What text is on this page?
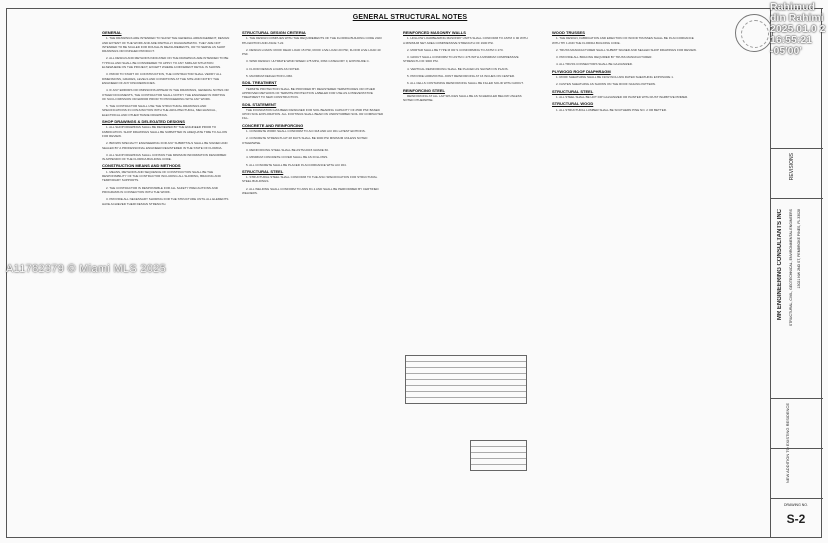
GENERAL STRUCTURAL NOTES
GENERAL

1. THE DRAWINGS ARE INTENDED TO SHOW THE GENERAL ARRANGEMENT, DESIGN AND EXTENT OF THE WORK AND ARE PARTIALLY DIAGRAMMATIC. THEY ARE NOT INTENDED TO BE SCALED FOR ROUGH-IN MEASUREMENTS, OR TO SERVE AS SHOP DRAWINGS OR FINISHED PRODUCT.

2. ALL DESIGN AND METHODS INDICATED ON THE DRAWINGS ARE INTENDED TO BE TYPICAL AND SHALL BE CONSIDERED TO APPLY TO ANY SIMILAR SITUATION ELSEWHERE ON THE PROJECT, EXCEPT WHERE A DIFFERENT DETAIL IS SHOWN.

3. PRIOR TO START OF CONSTRUCTION, THE CONTRACTOR SHALL VERIFY ALL DIMENSIONS, GRADES, LEVELS AND CONDITIONS AT THE SITE AND NOTIFY THE ENGINEER OF ANY DISCREPANCIES.

4. IF ANY ERRORS OR OMISSIONS APPEAR IN THE DRAWINGS, GENERAL NOTES OR OTHER DOCUMENTS, THE CONTRACTOR SHALL NOTIFY THE ENGINEER IN WRITING OF SUCH OMISSION OR ERROR PRIOR TO PROCEEDING WITH ANY WORK.

5. THE CONTRACTOR SHALL USE THE STRUCTURAL DRAWINGS AND SPECIFICATIONS IN CONJUNCTION WITH THE ARCHITECTURAL, MECHANICAL, ELECTRICAL AND OTHER TRADE DRAWINGS.

SHOP DRAWINGS & DELEGATED DESIGNS

1. ALL SHOP DRAWINGS SHALL BE REVIEWED BY THE ENGINEER PRIOR TO FABRICATION. SHOP DRAWINGS SHALL BE SUBMITTED IN ADEQUATE TIME TO ALLOW FOR REVIEW.

2. BROWN SPECIALTY ENGINEERING FOR ANY SUBMITTALS SHALL BE SIGNED AND SEALED BY A PROFESSIONAL ENGINEER REGISTERED IN THE STATE OF FLORIDA.

3. ALL SHOP DRAWINGS SHALL CONTAIN THE MINIMUM INFORMATION DESCRIBED IN APPENDIX OF THE FLORIDA BUILDING CODE.

CONSTRUCTION MEANS AND METHODS

1. MEANS, METHODS AND SEQUENCE OF CONSTRUCTION SHALL BE THE RESPONSIBILITY OF THE CONTRACTOR INCLUDING ALL SHORING, BRACING AND TEMPORARY SUPPORTS.

2. THE CONTRACTOR IS RESPONSIBLE FOR ALL SAFETY PRECAUTIONS AND PROGRAMS IN CONNECTION WITH THE WORK.

3. PROVIDE ALL NECESSARY SHORING FOR THE STRUCTURE UNTIL ALL ELEMENTS HAVE ACHIEVED THEIR DESIGN STRENGTH.

STRUCTURAL DESIGN CRITERIA

1. THE DESIGN COMPLIES WITH THE REQUIREMENTS OF THE FLORIDA BUILDING CODE 2023 8TH EDITION AND ASCE 7-22.

2. DESIGN LOADS: ROOF DEAD LOAD 15 PSF, ROOF LIVE LOAD 20 PSF, FLOOR LIVE LOAD 40 PSF.

3. WIND DESIGN: ULTIMATE WIND SPEED 175 MPH, RISK CATEGORY II, EXPOSURE C.

4. FLOOR DESIGN LOADS AS NOTED.

5. MAXIMUM DEFLECTION L/360.

SOIL TREATMENT

TERMITE PROTECTION SHALL BE PROVIDED BY REGISTERED TERMITICIDES OR OTHER APPROVED METHODS OF TERMITE PROTECTION LABELED FOR USE AS A PREVENTATIVE TREATMENT TO NEW CONSTRUCTION.

SOIL STATEMENT

THE FOUNDATION HAS BEEN DESIGNED FOR SOIL BEARING CAPACITY OF 2500 PSF BASED UPON SOIL EXPLORATION. ALL FOOTINGS SHALL BEAR ON UNDISTURBED SOIL OR COMPACTED FILL.

CONCRETE AND REINFORCING

1. CONCRETE WORK SHALL CONFORM TO ACI 318 AND ACI 301 LATEST EDITIONS.

2. CONCRETE STRENGTH AT 28 DAYS SHALL BE 3000 PSI MINIMUM UNLESS NOTED OTHERWISE.

3. REINFORCING STEEL SHALL BE ASTM A615 GRADE 60.

4. MINIMUM CONCRETE COVER SHALL BE AS FOLLOWS.

5. ALL CONCRETE SHALL BE PLACED IN ACCORDANCE WITH ACI 304.

STRUCTURAL STEEL

1. STRUCTURAL STEEL SHALL CONFORM TO THE AISC SPECIFICATION FOR STRUCTURAL STEEL BUILDINGS.

2. ALL WELDING SHALL CONFORM TO AWS D1.1 AND SHALL BE PERFORMED BY CERTIFIED WELDERS.

REINFORCED MASONRY WALLS

1. HOLLOW LOADBEARING MASONRY UNITS SHALL CONFORM TO ASTM C 90 WITH A MINIMUM NET AREA COMPRESSIVE STRENGTH OF 1900 PSI.

2. MORTAR SHALL BE TYPE M OR S CONFORMING TO ASTM C 270.

3. GROUT SHALL CONFORM TO ASTM C 476 WITH A MINIMUM COMPRESSIVE STRENGTH OF 3000 PSI.

4. VERTICAL REINFORCING SHALL BE PLACED AS SHOWN ON PLANS.

5. PROVIDE HORIZONTAL JOINT REINFORCING AT 16 INCHES ON CENTER.

6. ALL CELLS CONTAINING REINFORCING SHALL BE FILLED SOLID WITH GROUT.

REINFORCING STEEL

REINFORCING AT ALL LAP SPLICES SHALL BE AS SCHEDULED BELOW UNLESS NOTED OTHERWISE.

WOOD TRUSSES

1. THE DESIGN, FABRICATION AND ERECTION OF WOOD TRUSSES SHALL BE IN ACCORDANCE WITH TPI 1 AND THE FLORIDA BUILDING CODE.

2. TRUSS MANUFACTURER SHALL SUBMIT SIGNED AND SEALED SHOP DRAWINGS FOR REVIEW.

3. PROVIDE ALL BRACING REQUIRED BY TRUSS MANUFACTURER.

4. ALL TRUSS CONNECTORS SHALL BE GALVANIZED.

PLYWOOD ROOF DIAPHRAGM

1. ROOF SHEATHING SHALL BE 19/32 INCH APA RATED SHEATHING EXPOSURE 1.

2. FASTEN SHEATHING AS SHOWN ON THE ROOF NAILING PATTERN.

STRUCTURAL STEEL

1. ALL STEEL SHALL BE HOT DIP GALVANIZED OR PAINTED WITH RUST INHIBITIVE PRIMER.

STRUCTURAL WOOD

1. ALL STRUCTURAL LUMBER SHALL BE SOUTHERN PINE NO. 2 OR BETTER.

REVISIONS
MR ENGINEERING CONSULTANTS INC STRUCTURAL, CIVIL, GEOTECHNICAL, ENVIRONMENTAL ENGINEERS 13021 NW 2ND ST, PEMBROKE PINES, FL 33028
NEW ADDITION TO EXISTING RESIDENCE
DRAWING NO.
S-2
A11782379 © Miami MLS 2025
Rahimud din Rahimi 2025.01.0 2 16:55:21 -05'00'
